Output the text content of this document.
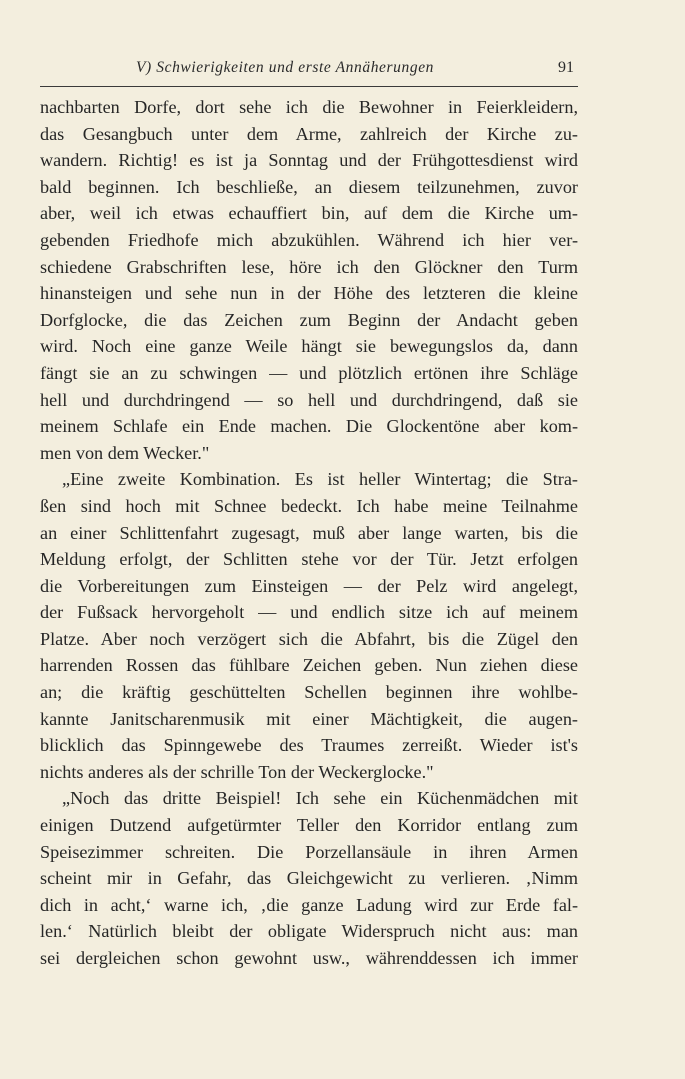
V) Schwierigkeiten und erste Annäherungen	91
nachbarten Dorfe, dort sehe ich die Bewohner in Feierkleidern,
das Gesangbuch unter dem Arme, zahlreich der Kirche zu-
wandern. Richtig! es ist ja Sonntag und der Frühgottesdienst wird
bald beginnen. Ich beschließe, an diesem teilzunehmen, zuvor
aber, weil ich etwas echauffiert bin, auf dem die Kirche um-
gebenden Friedhofe mich abzukühlen. Während ich hier ver-
schiedene Grabschriften lese, höre ich den Glöckner den Turm
hinansteigen und sehe nun in der Höhe des letzteren die kleine
Dorfglocke, die das Zeichen zum Beginn der Andacht geben
wird. Noch eine ganze Weile hängt sie bewegungslos da, dann
fängt sie an zu schwingen — und plötzlich ertönen ihre Schläge
hell und durchdringend — so hell und durchdringend, daß sie
meinem Schlafe ein Ende machen. Die Glockentöne aber kom-
men von dem Wecker."
„Eine zweite Kombination. Es ist heller Wintertag; die Stra-
ßen sind hoch mit Schnee bedeckt. Ich habe meine Teilnahme
an einer Schlittenfahrt zugesagt, muß aber lange warten, bis die
Meldung erfolgt, der Schlitten stehe vor der Tür. Jetzt erfolgen
die Vorbereitungen zum Einsteigen — der Pelz wird angelegt,
der Fußsack hervorgeholt — und endlich sitze ich auf meinem
Platze. Aber noch verzögert sich die Abfahrt, bis die Zügel den
harrenden Rossen das fühlbare Zeichen geben. Nun ziehen diese
an; die kräftig geschüttelten Schellen beginnen ihre wohlbe-
kannte Janitscharenmusik mit einer Mächtigkeit, die augen-
blicklich das Spinngewebe des Traumes zerreißt. Wieder ist's
nichts anderes als der schrille Ton der Weckerglocke."
„Noch das dritte Beispiel! Ich sehe ein Küchenmädchen mit
einigen Dutzend aufgetürmter Teller den Korridor entlang zum
Speisezimmer schreiten. Die Porzellansäule in ihren Armen
scheint mir in Gefahr, das Gleichgewicht zu verlieren. ‚Nimm
dich in acht,‘ warne ich, ‚die ganze Ladung wird zur Erde fal-
len.‘ Natürlich bleibt der obligate Widerspruch nicht aus: man
sei dergleichen schon gewohnt usw., währenddessen ich immer
